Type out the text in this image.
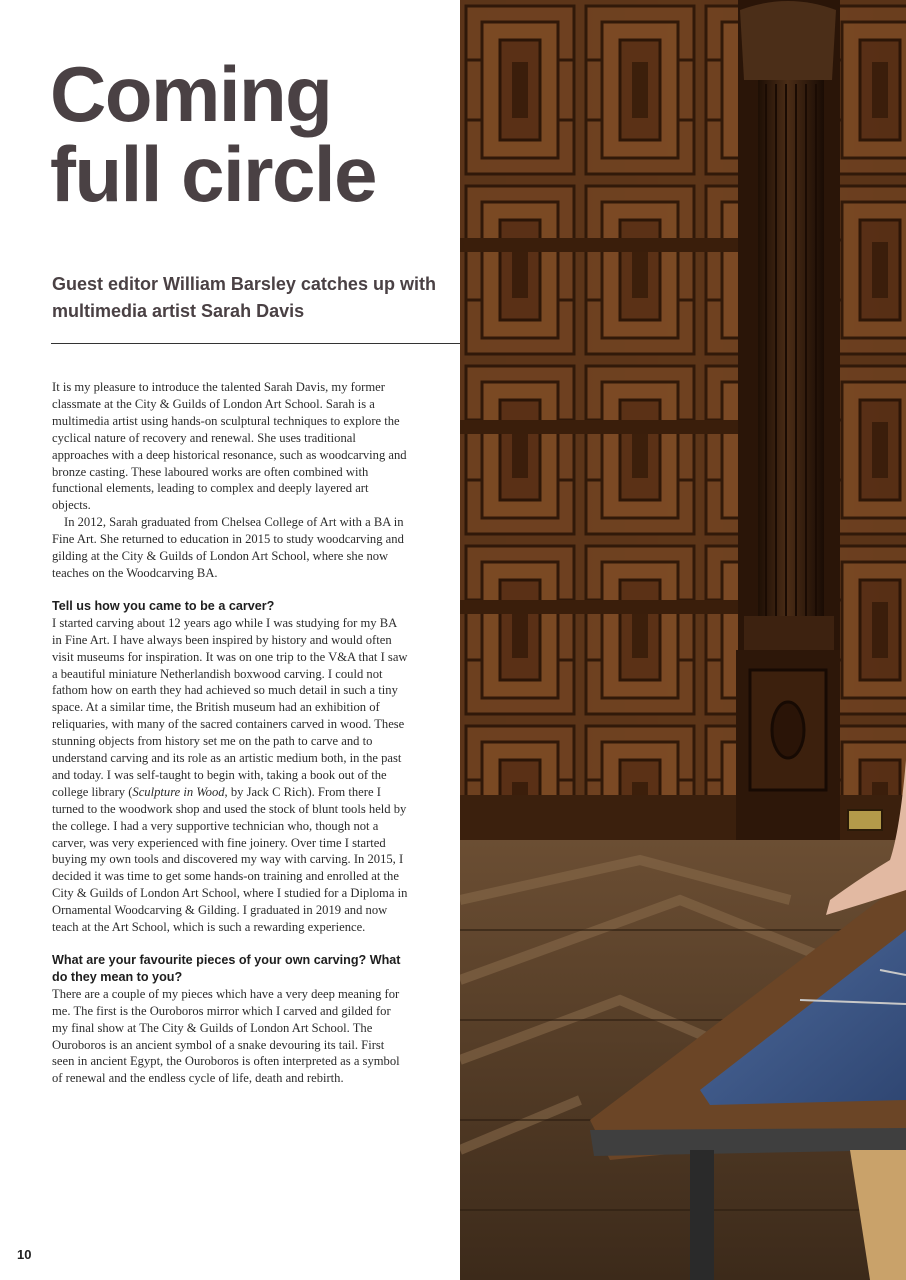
Coming
full circle
Guest editor William Barsley catches up with multimedia artist Sarah Davis

It is my pleasure to introduce the talented Sarah Davis, my former classmate at the City & Guilds of London Art School. Sarah is a multimedia artist using hands-on sculptural techniques to explore the cyclical nature of recovery and renewal. She uses traditional approaches with a deep historical resonance, such as woodcarving and bronze casting. These laboured works are often combined with functional elements, leading to complex and deeply layered art objects.

In 2012, Sarah graduated from Chelsea College of Art with a BA in Fine Art. She returned to education in 2015 to study woodcarving and gilding at the City & Guilds of London Art School, where she now teaches on the Woodcarving BA.

Tell us how you came to be a carver?

I started carving about 12 years ago while I was studying for my BA in Fine Art. I have always been inspired by history and would often visit museums for inspiration. It was on one trip to the V&A that I saw a beautiful miniature Netherlandish boxwood carving. I could not fathom how on earth they had achieved so much detail in such a tiny space. At a similar time, the British museum had an exhibition of reliquaries, with many of the sacred containers carved in wood. These stunning objects from history set me on the path to carve and to understand carving and its role as an artistic medium both, in the past and today. I was self-taught to begin with, taking a book out of the college library (Sculpture in Wood, by Jack C Rich). From there I turned to the woodwork shop and used the stock of blunt tools held by the college. I had a very supportive technician who, though not a carver, was very experienced with fine joinery. Over time I started buying my own tools and discovered my way with carving. In 2015, I decided it was time to get some hands-on training and enrolled at the City & Guilds of London Art School, where I studied for a Diploma in Ornamental Woodcarving & Gilding. I graduated in 2019 and now teach at the Art School, which is such a rewarding experience.

What are your favourite pieces of your own carving? What do they mean to you?

There are a couple of my pieces which have a very deep meaning for me. The first is the Ouroboros mirror which I carved and gilded for my final show at The City & Guilds of London Art School. The Ouroboros is an ancient symbol of a snake devouring its tail. First seen in ancient Egypt, the Ouroboros is often interpreted as a symbol of renewal and the endless cycle of life, death and rebirth.

10
